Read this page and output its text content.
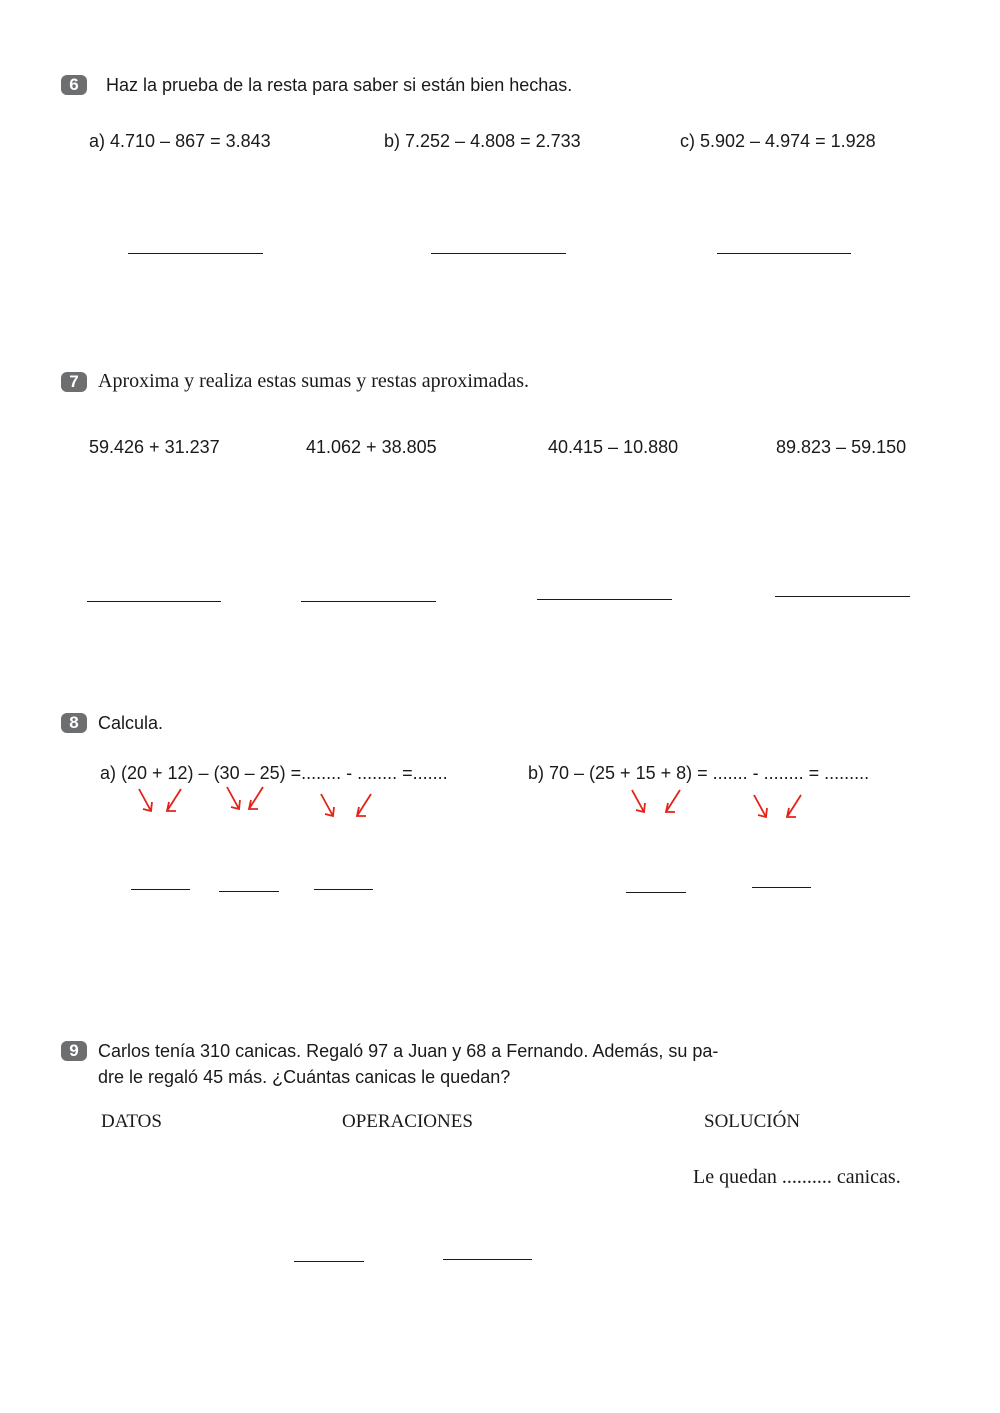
6	Haz la prueba de la resta para saber si están bien hechas.
a) 4.710 – 867 = 3.843	b) 7.252 – 4.808 = 2.733	c) 5.902 – 4.974 = 1.928
7 Aproxima y realiza estas sumas y restas aproximadas.
59.426 + 31.237	41.062 + 38.805	40.415 – 10.880	89.823 – 59.150
8	Calcula.
a) (20 + 12) – (30 – 25) =........ - ........ =.......	b) 70 – (25 + 15 + 8) = ....... - ........ = .........
9	Carlos tenía 310 canicas. Regaló 97 a Juan y 68 a Fernando. Además, su pa-
dre le regaló 45 más. ¿Cuántas canicas le quedan?
DATOS	OPERACIONES	SOLUCIÓN
Le quedan .......... canicas.
